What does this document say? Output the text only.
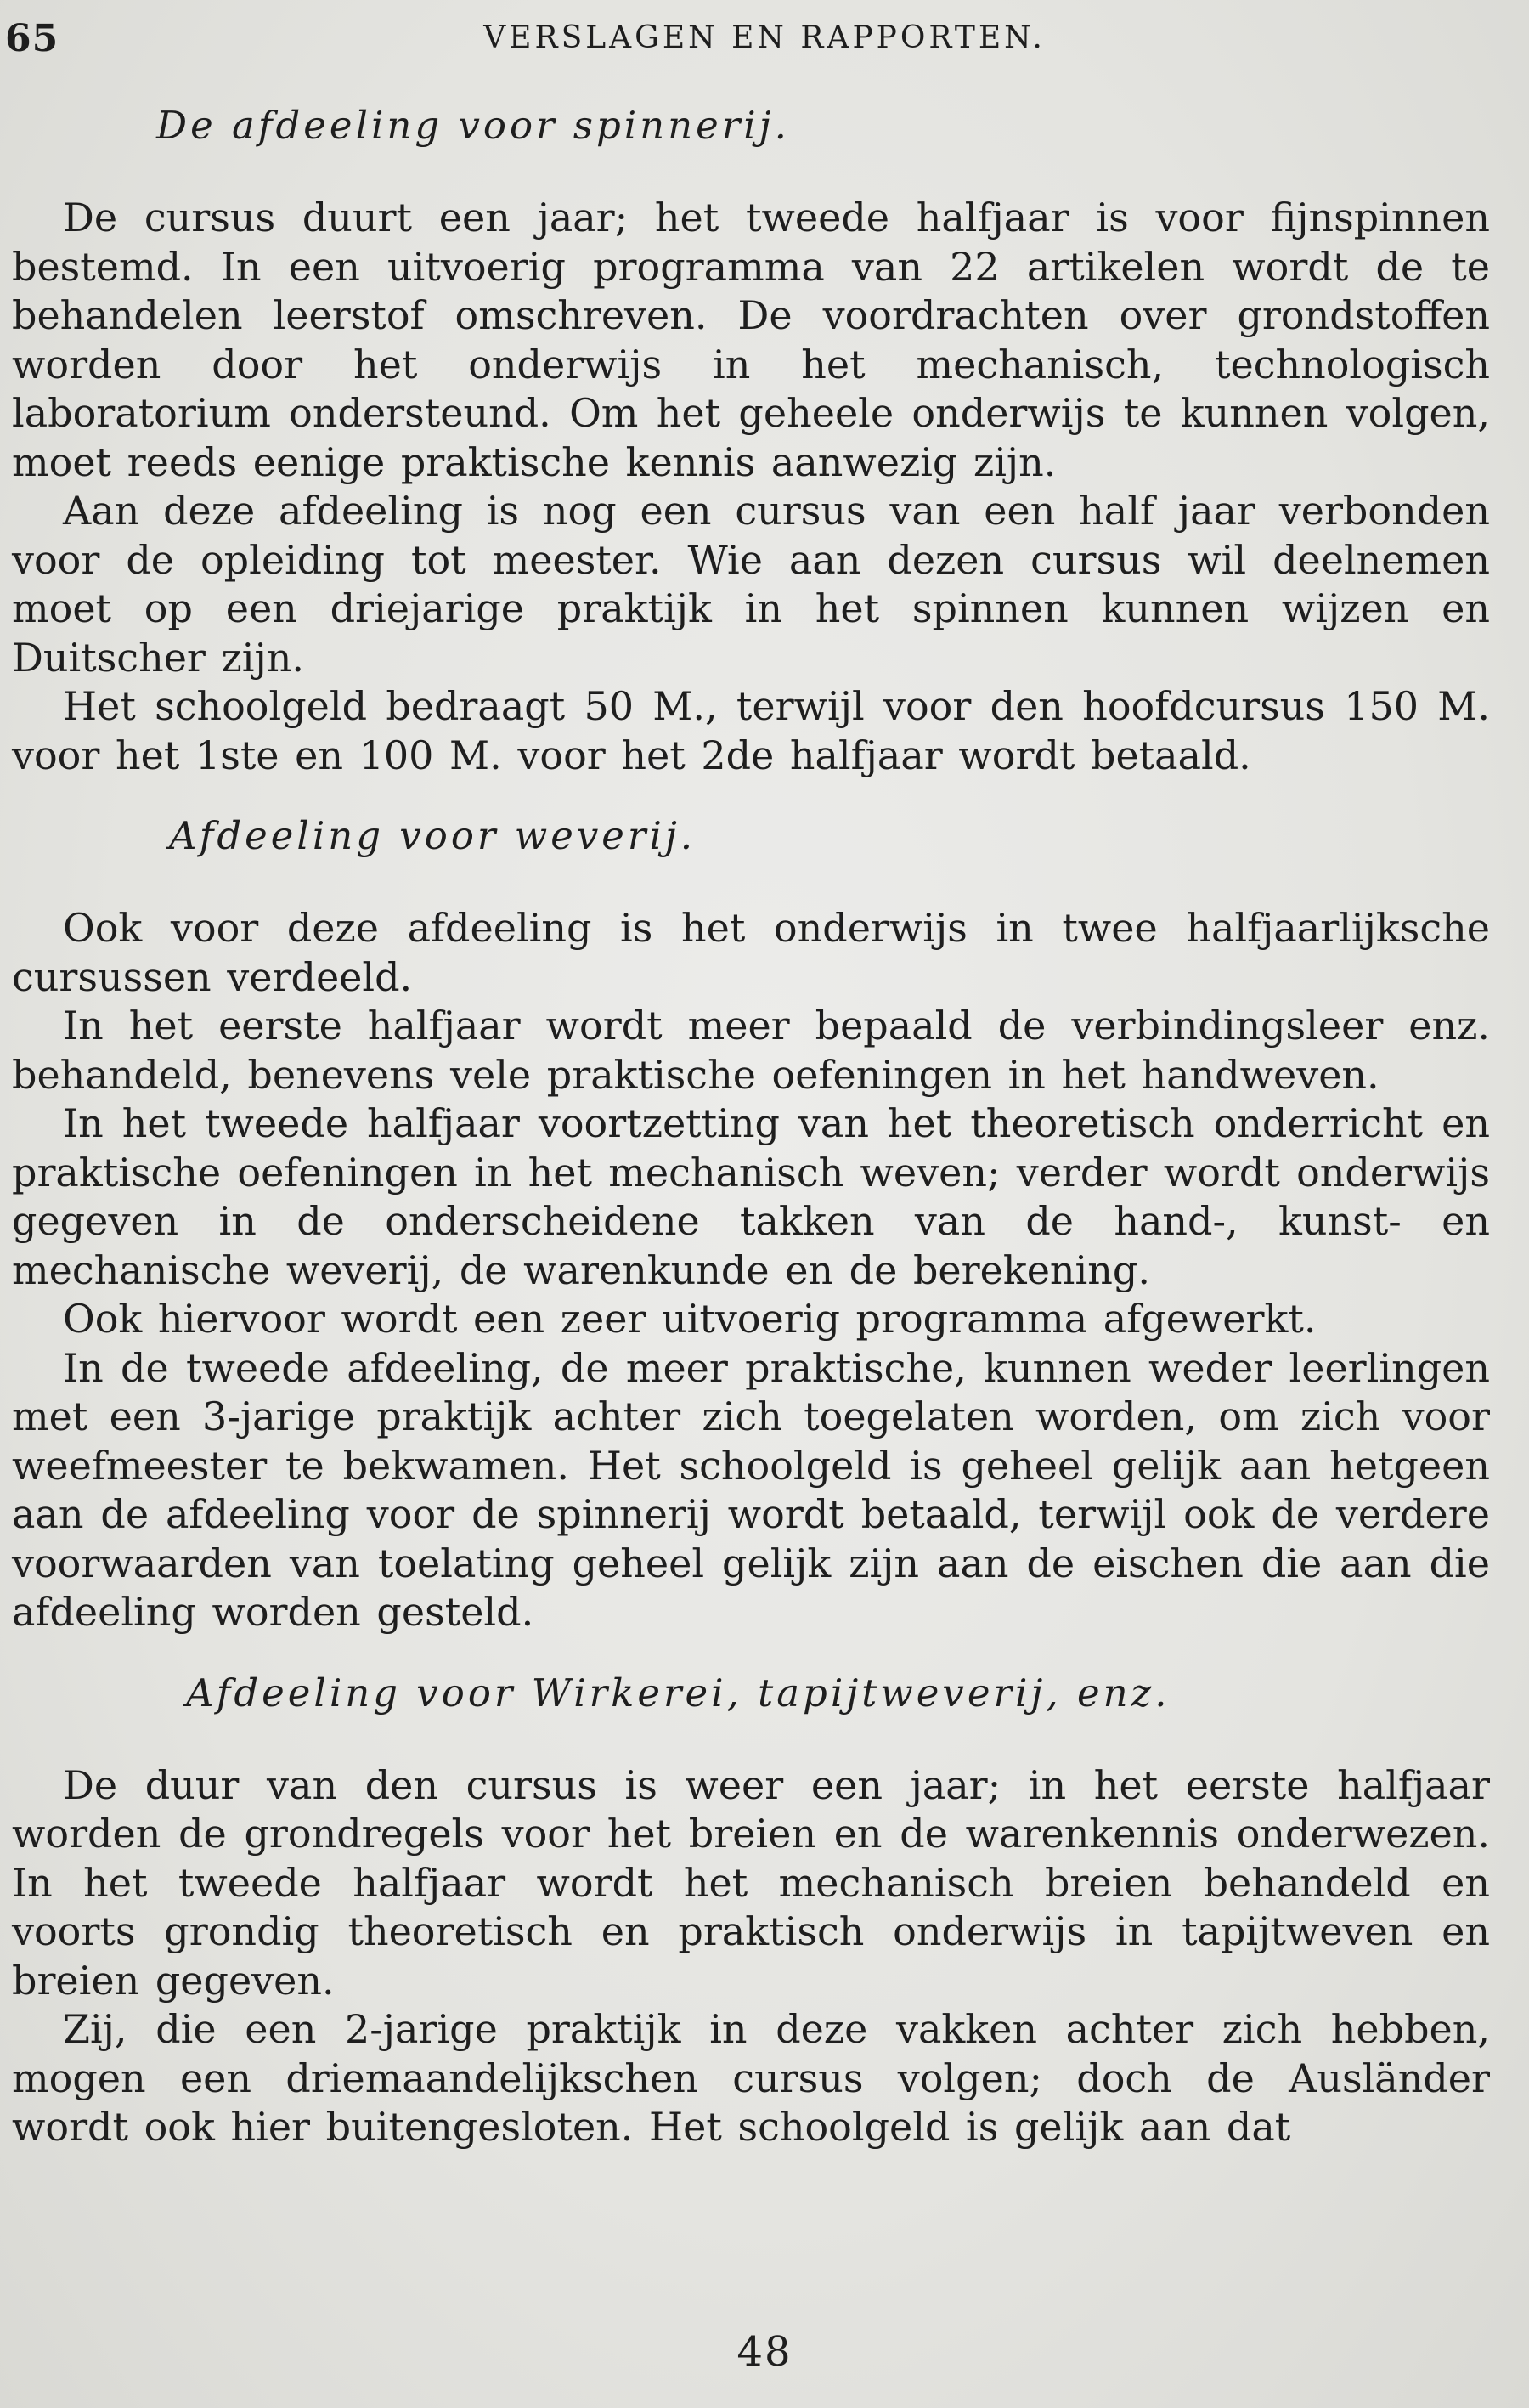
65	VERSLAGEN EN RAPPORTEN.
De afdeeling voor spinnerij.

De cursus duurt een jaar; het tweede halfjaar is voor fijnspinnen bestemd. In een uitvoerig programma van 22 artikelen wordt de te behandelen leerstof omschreven. De voordrachten over grondstoffen worden door het onderwijs in het mechanisch, technologisch laboratorium ondersteund. Om het geheele onderwijs te kunnen volgen, moet reeds eenige praktische kennis aanwezig zijn.

Aan deze afdeeling is nog een cursus van een half jaar verbonden voor de opleiding tot meester. Wie aan dezen cursus wil deelnemen moet op een driejarige praktijk in het spinnen kunnen wijzen en Duitscher zijn.

Het schoolgeld bedraagt 50 M., terwijl voor den hoofdcursus 150 M. voor het 1ste en 100 M. voor het 2de halfjaar wordt betaald.

Afdeeling voor weverij.

Ook voor deze afdeeling is het onderwijs in twee halfjaarlijksche cursussen verdeeld.

In het eerste halfjaar wordt meer bepaald de verbindingsleer enz. behandeld, benevens vele praktische oefeningen in het handweven.

In het tweede halfjaar voortzetting van het theoretisch onderricht en praktische oefeningen in het mechanisch weven; verder wordt onderwijs gegeven in de onderscheidene takken van de hand-, kunst- en mechanische weverij, de warenkunde en de berekening.

Ook hiervoor wordt een zeer uitvoerig programma afgewerkt.

In de tweede afdeeling, de meer praktische, kunnen weder leerlingen met een 3-jarige praktijk achter zich toegelaten worden, om zich voor weefmeester te bekwamen. Het schoolgeld is geheel gelijk aan hetgeen aan de afdeeling voor de spinnerij wordt betaald, terwijl ook de verdere voorwaarden van toelating geheel gelijk zijn aan de eischen die aan die afdeeling worden gesteld.

Afdeeling voor Wirkerei, tapijtweverij, enz.

De duur van den cursus is weer een jaar; in het eerste halfjaar worden de grondregels voor het breien en de warenkennis onderwezen. In het tweede halfjaar wordt het mechanisch breien behandeld en voorts grondig theoretisch en praktisch onderwijs in tapijtweven en breien gegeven.

Zij, die een 2-jarige praktijk in deze vakken achter zich hebben, mogen een driemaandelijkschen cursus volgen; doch de Ausländer wordt ook hier buitengesloten. Het schoolgeld is gelijk aan dat

48
